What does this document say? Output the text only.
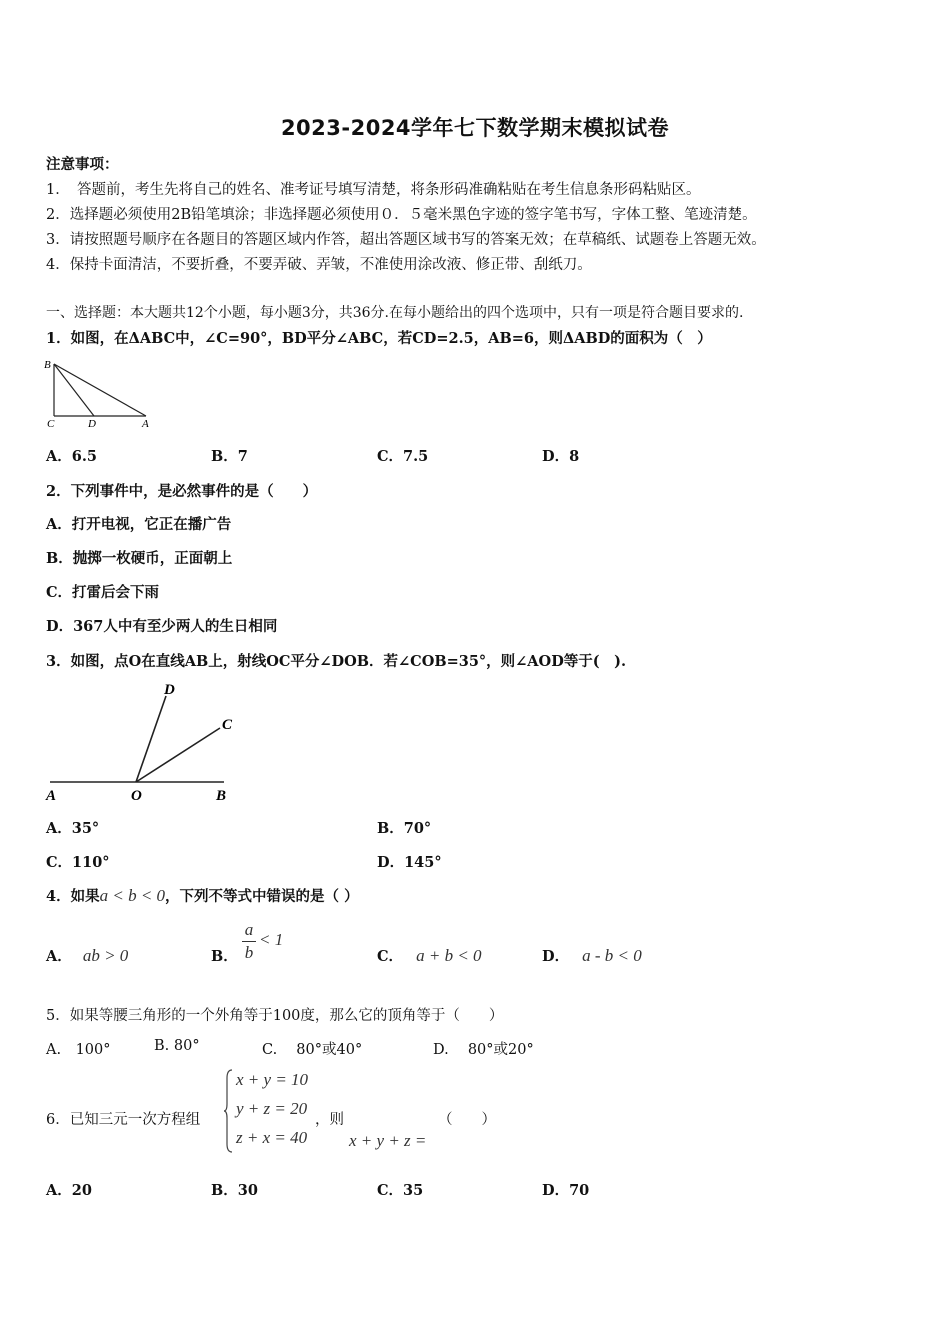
2023-2024学年七下数学期末模拟试卷
注意事项：
1．　答题前，考生先将自己的姓名、准考证号填写清楚，将条形码准确粘贴在考生信息条形码粘贴区。
2．选择题必须使用2B铅笔填涂；非选择题必须使用０．５毫米黑色字迹的签字笔书写，字体工整、笔迹清楚。
3．请按照题号顺序在各题目的答题区域内作答，超出答题区域书写的答案无效；在草稿纸、试题卷上答题无效。
4．保持卡面清洁，不要折叠，不要弄破、弄皱，不准使用涂改液、修正带、刮纸刀。
一、选择题：本大题共12个小题，每小题3分，共36分.在每小题给出的四个选项中，只有一项是符合题目要求的.
1．如图，在ΔABC中，∠C=90°，BD平分∠ABC，若CD=2.5，AB=6，则ΔABD的面积为（　）
B
C	D	A
A．6.5	B．7	C．7.5	D．8
2．下列事件中，是必然事件的是（　　）
A．打开电视，它正在播广告
B．抛掷一枚硬币，正面朝上
C．打雷后会下雨
D．367人中有至少两人的生日相同
3．如图，点O在直线AB上，射线OC平分∠DOB．若∠COB=35°，则∠AOD等于(　).
D
C
A	O	B
A．35°	B．70°
C．110°	D．145°
4．如果a < b < 0，下列不等式中错误的是（ ）
A． ab > 0	B．
a
b
< 1
C． a + b < 0	D． a - b < 0
5．如果等腰三角形的一个外角等于100度，那么它的顶角等于（　　）
A.　100°	B. 80°	C.　 80°或40°	D.　 80°或20°
6．已知三元一次方程组
x + y = 10
y + z = 20
z + x = 40
，则	（　　）
x + y + z =
A．20	B．30	C．35	D．70
